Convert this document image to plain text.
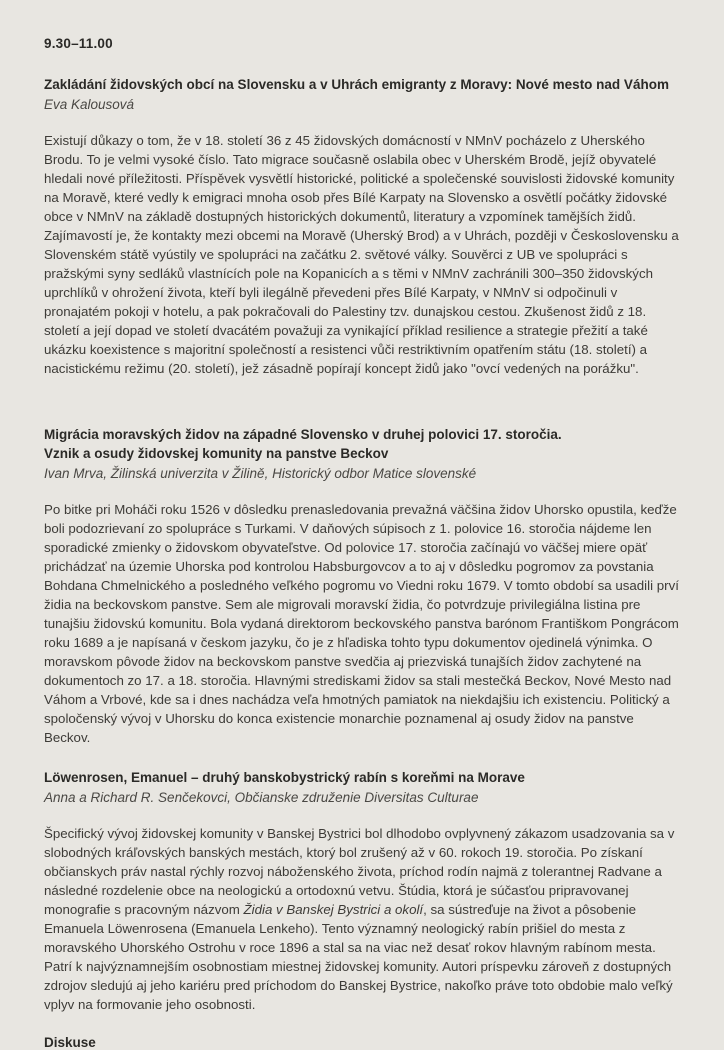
9.30–11.00
Zakládání židovských obcí na Slovensku a v Uhrách emigranty z Moravy: Nové mesto nad Váhom
Eva Kalousová

Existují důkazy o tom, že v 18. století 36 z 45 židovských domácností v NMnV pocházelo z Uherského Brodu. To je velmi vysoké číslo. Tato migrace současně oslabila obec v Uherském Brodě, jejíž obyvatelé hledali nové příležitosti. Příspěvek vysvětlí historické, politické a společenské souvislosti židovské komunity na Moravě, které vedly k emigraci mnoha osob přes Bílé Karpaty na Slovensko a osvětlí počátky židovské obce v NMnV na základě dostupných historických dokumentů, literatury a vzpomínek tamějších židů. Zajímavostí je, že kontakty mezi obcemi na Moravě (Uherský Brod) a v Uhrách, později v Československu a Slovenském státě vyústily ve spolupráci na začátku 2. světové války. Souvěrci z UB ve spolupráci s pražskými syny sedláků vlastnících pole na Kopanicích a s těmi v NMnV zachránili 300–350 židovských uprchlíků v ohrožení života, kteří byli ilegálně převedeni přes Bílé Karpaty, v NMnV si odpočinuli v pronajatém pokoji v hotelu, a pak pokračovali do Palestiny tzv. dunajskou cestou. Zkušenost židů z 18. století a její dopad ve století dvacátém považuji za vynikající příklad resilience a strategie přežití a také ukázku koexistence s majoritní společností a resistenci vůči restriktivním opatřením státu (18. století) a nacistickému režimu (20. století), jež zásadně popírají koncept židů jako "ovcí vedených na porážku".

Migrácia moravských židov na západné Slovensko v druhej polovici 17. storočia.
Vznik a osudy židovskej komunity na panstve Beckov
Ivan Mrva, Žilinská univerzita v Žilině, Historický odbor Matice slovenské

Po bitke pri Moháči roku 1526 v dôsledku prenasledovania prevažná väčšina židov Uhorsko opustila, keďže boli podozrievaní zo spolupráce s Turkami. V daňových súpisoch z 1. polovice 16. storočia nájdeme len sporadické zmienky o židovskom obyvateľstve. Od polovice 17. storočia začínajú vo väčšej miere opäť prichádzať na územie Uhorska pod kontrolou Habsburgovcov a to aj v dôsledku pogromov za povstania Bohdana Chmelnického a posledného veľkého pogromu vo Viedni roku 1679. V tomto období sa usadili prví židia na beckovskom panstve. Sem ale migrovali moravskí židia, čo potvrdzuje privilegiálna listina pre tunajšiu židovskú komunitu. Bola vydaná direktorom beckovského panstva barónom Františkom Pongrácom roku 1689 a je napísaná v českom jazyku, čo je z hľadiska tohto typu dokumentov ojedinelá výnimka. O moravskom pôvode židov na beckovskom panstve svedčia aj priezviská tunajších židov zachytené na dokumentoch zo 17. a 18. storočia. Hlavnými strediskami židov sa stali mestečká Beckov, Nové Mesto nad Váhom a Vrbové, kde sa i dnes nachádza veľa hmotných pamiatok na niekdajšiu ich existenciu. Politický a spoločenský vývoj v Uhorsku do konca existencie monarchie poznamenal aj osudy židov na panstve Beckov.

Löwenrosen, Emanuel – druhý banskobystrický rabín s koreňmi na Morave
Anna a Richard R. Senčekovci, Občianske združenie Diversitas Culturae

Špecifický vývoj židovskej komunity v Banskej Bystrici bol dlhodobo ovplyvnený zákazom usadzovania sa v slobodných kráľovských banských mestách, ktorý bol zrušený až v 60. rokoch 19. storočia. Po získaní občianskych práv nastal rýchly rozvoj náboženského života, príchod rodín najmä z tolerantnej Radvane a následné rozdelenie obce na neologickú a ortodoxnú vetvu. Štúdia, ktorá je súčasťou pripravovanej monografie s pracovným názvom Židia v Banskej Bystrici a okolí, sa sústreďuje na život a pôsobenie Emanuela Löwenrosena (Emanuela Lenkeho). Tento významný neologický rabín prišiel do mesta z moravského Uhorského Ostrohu v roce 1896 a stal sa na viac než desať rokov hlavným rabínom mesta. Patrí k najvýznamnejším osobnostiam miestnej židovskej komunity. Autori príspevku zároveň z dostupných zdrojov sledujú aj jeho kariéru pred príchodom do Banskej Bystrice, nakoľko práve toto obdobie malo veľký vplyv na formovanie jeho osobnosti.

Diskuse
